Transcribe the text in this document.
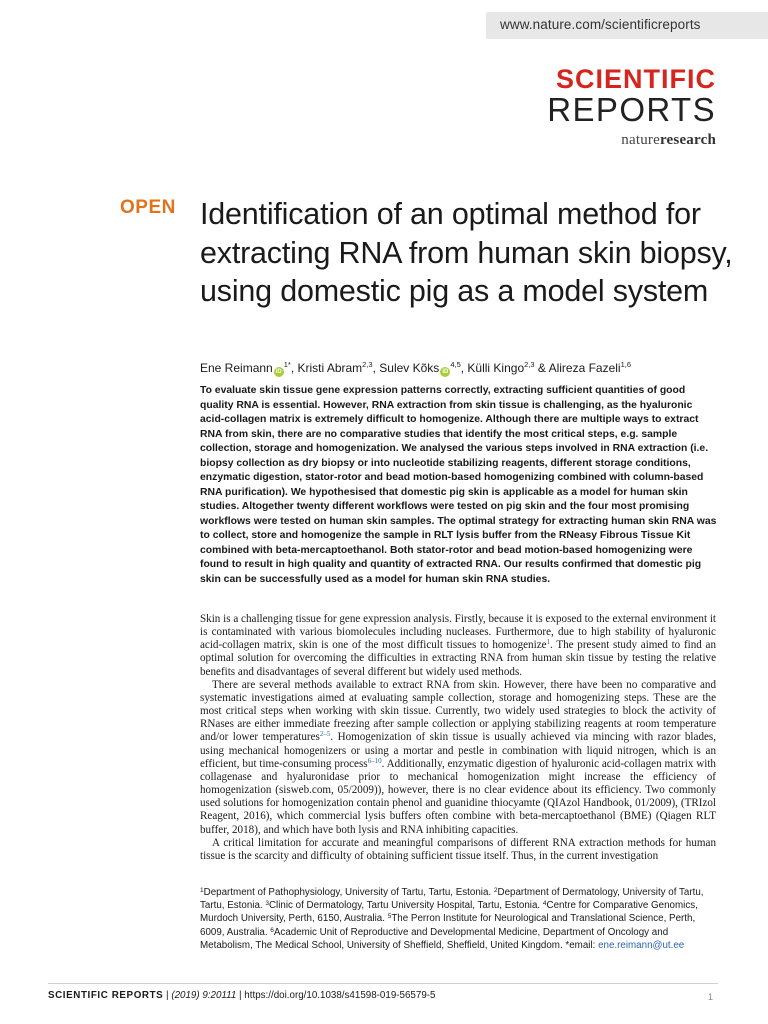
www.nature.com/scientificreports
SCIENTIFIC
REPORTS
natureresearch
OPEN Identification of an optimal method for extracting RNA from human skin biopsy, using domestic pig as a model system
Ene Reimann $iD^{1*}$, Kristi Abram$^{2,3}$, Sulev Kõks iD$^{4,5}$, Külli Kingo$^{2,3}$ & Alireza Fazeli$^{1,6}$
To evaluate skin tissue gene expression patterns correctly, extracting sufficient quantities of good quality RNA is essential. However, RNA extraction from skin tissue is challenging, as the hyaluronic acid-collagen matrix is extremely difficult to homogenize. Although there are multiple ways to extract RNA from skin, there are no comparative studies that identify the most critical steps, e.g. sample collection, storage and homogenization. We analysed the various steps involved in RNA extraction (i.e. biopsy collection as dry biopsy or into nucleotide stabilizing reagents, different storage conditions, enzymatic digestion, stator-rotor and bead motion-based homogenizing combined with column-based RNA purification). We hypothesised that domestic pig skin is applicable as a model for human skin studies. Altogether twenty different workflows were tested on pig skin and the four most promising workflows were tested on human skin samples. The optimal strategy for extracting human skin RNA was to collect, store and homogenize the sample in RLT lysis buffer from the RNeasy Fibrous Tissue Kit combined with beta-mercaptoethanol. Both stator-rotor and bead motion-based homogenizing were found to result in high quality and quantity of extracted RNA. Our results confirmed that domestic pig skin can be successfully used as a model for human skin RNA studies.

Skin is a challenging tissue for gene expression analysis. Firstly, because it is exposed to the external environment it is contaminated with various biomolecules including nucleases. Furthermore, due to high stability of hyaluronic acid-collagen matrix, skin is one of the most difficult tissues to homogenize$^1$. The present study aimed to find an optimal solution for overcoming the difficulties in extracting RNA from human skin tissue by testing the relative benefits and disadvantages of several different but widely used methods.

There are several methods available to extract RNA from skin. However, there have been no comparative and systematic investigations aimed at evaluating sample collection, storage and homogenizing steps. These are the most critical steps when working with skin tissue. Currently, two widely used strategies to block the activity of RNases are either immediate freezing after sample collection or applying stabilizing reagents at room temperature and/or lower temperatures$^{2-5}$. Homogenization of skin tissue is usually achieved via mincing with razor blades, using mechanical homogenizers or using a mortar and pestle in combination with liquid nitrogen, which is an efficient, but time-consuming process$^{6-10}$. Additionally, enzymatic digestion of hyaluronic acid-collagen matrix with collagenase and hyaluronidase prior to mechanical homogenization might increase the efficiency of homogenization (sisweb.com, 05/2009)), however, there is no clear evidence about its efficiency. Two commonly used solutions for homogenization contain phenol and guanidine thiocyamte (QIAzol Handbook, 01/2009), (TRIzol Reagent, 2016), which commercial lysis buffers often combine with beta-mercaptoethanol (BME) (Qiagen RLT buffer, 2018), and which have both lysis and RNA inhibiting capacities.

A critical limitation for accurate and meaningful comparisons of different RNA extraction methods for human tissue is the scarcity and difficulty of obtaining sufficient tissue itself. Thus, in the current investigation

$^1$Department of Pathophysiology, University of Tartu, Tartu, Estonia. $^2$Department of Dermatology, University of Tartu, Tartu, Estonia. $^3$Clinic of Dermatology, Tartu University Hospital, Tartu, Estonia. $^4$Centre for Comparative Genomics, Murdoch University, Perth, 6150, Australia. $^5$The Perron Institute for Neurological and Translational Science, Perth, 6009, Australia. $^6$Academic Unit of Reproductive and Developmental Medicine, Department of Oncology and Metabolism, The Medical School, University of Sheffield, Sheffield, United Kingdom. *email: ene.reimann@ut.ee
SCIENTIFIC REPORTS | (2019) 9:20111 | https://doi.org/10.1038/s41598-019-56579-5	1
